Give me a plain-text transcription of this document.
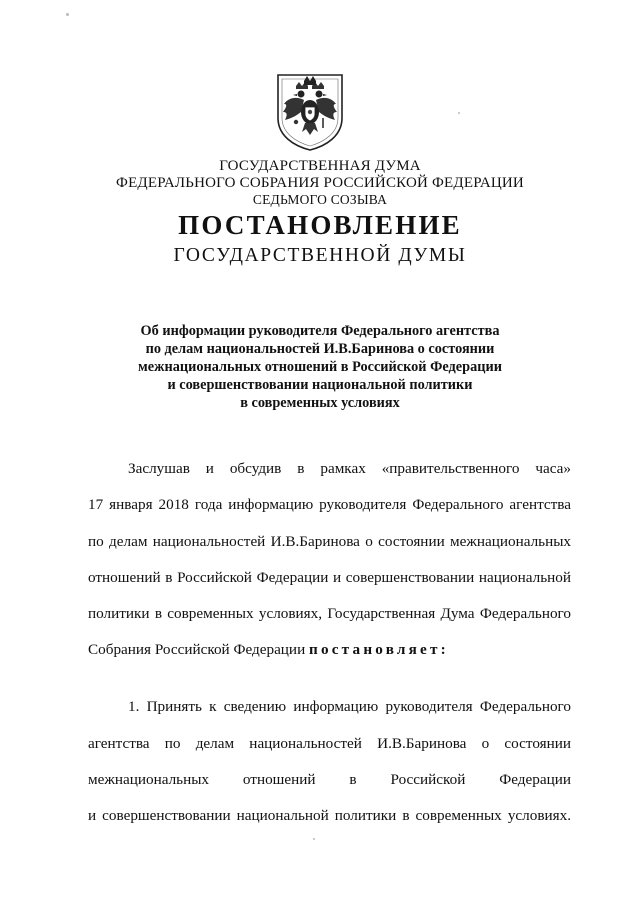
ГОСУДАРСТВЕННАЯ ДУМА
ФЕДЕРАЛЬНОГО СОБРАНИЯ РОССИЙСКОЙ ФЕДЕРАЦИИ
СЕДЬМОГО СОЗЫВА
ПОСТАНОВЛЕНИЕ
ГОСУДАРСТВЕННОЙ ДУМЫ
Об информации руководителя Федерального агентства
по делам национальностей И.В.Баринова о состоянии
межнациональных отношений в Российской Федерации
и совершенствовании национальной политики
в современных условиях
Заслушав и обсудив в рамках «правительственного часа»
17 января 2018 года информацию руководителя Федерального агентства
по делам национальностей И.В.Баринова о состоянии межнациональных
отношений в Российской Федерации и совершенствовании национальной
политики в современных условиях, Государственная Дума Федерального
Собрания Российской Федерации постановляет:
1. Принять к сведению информацию руководителя Федерального
агентства по делам национальностей И.В.Баринова о состоянии
межнациональных отношений в Российской Федерации
и совершенствовании национальной политики в современных условиях.
